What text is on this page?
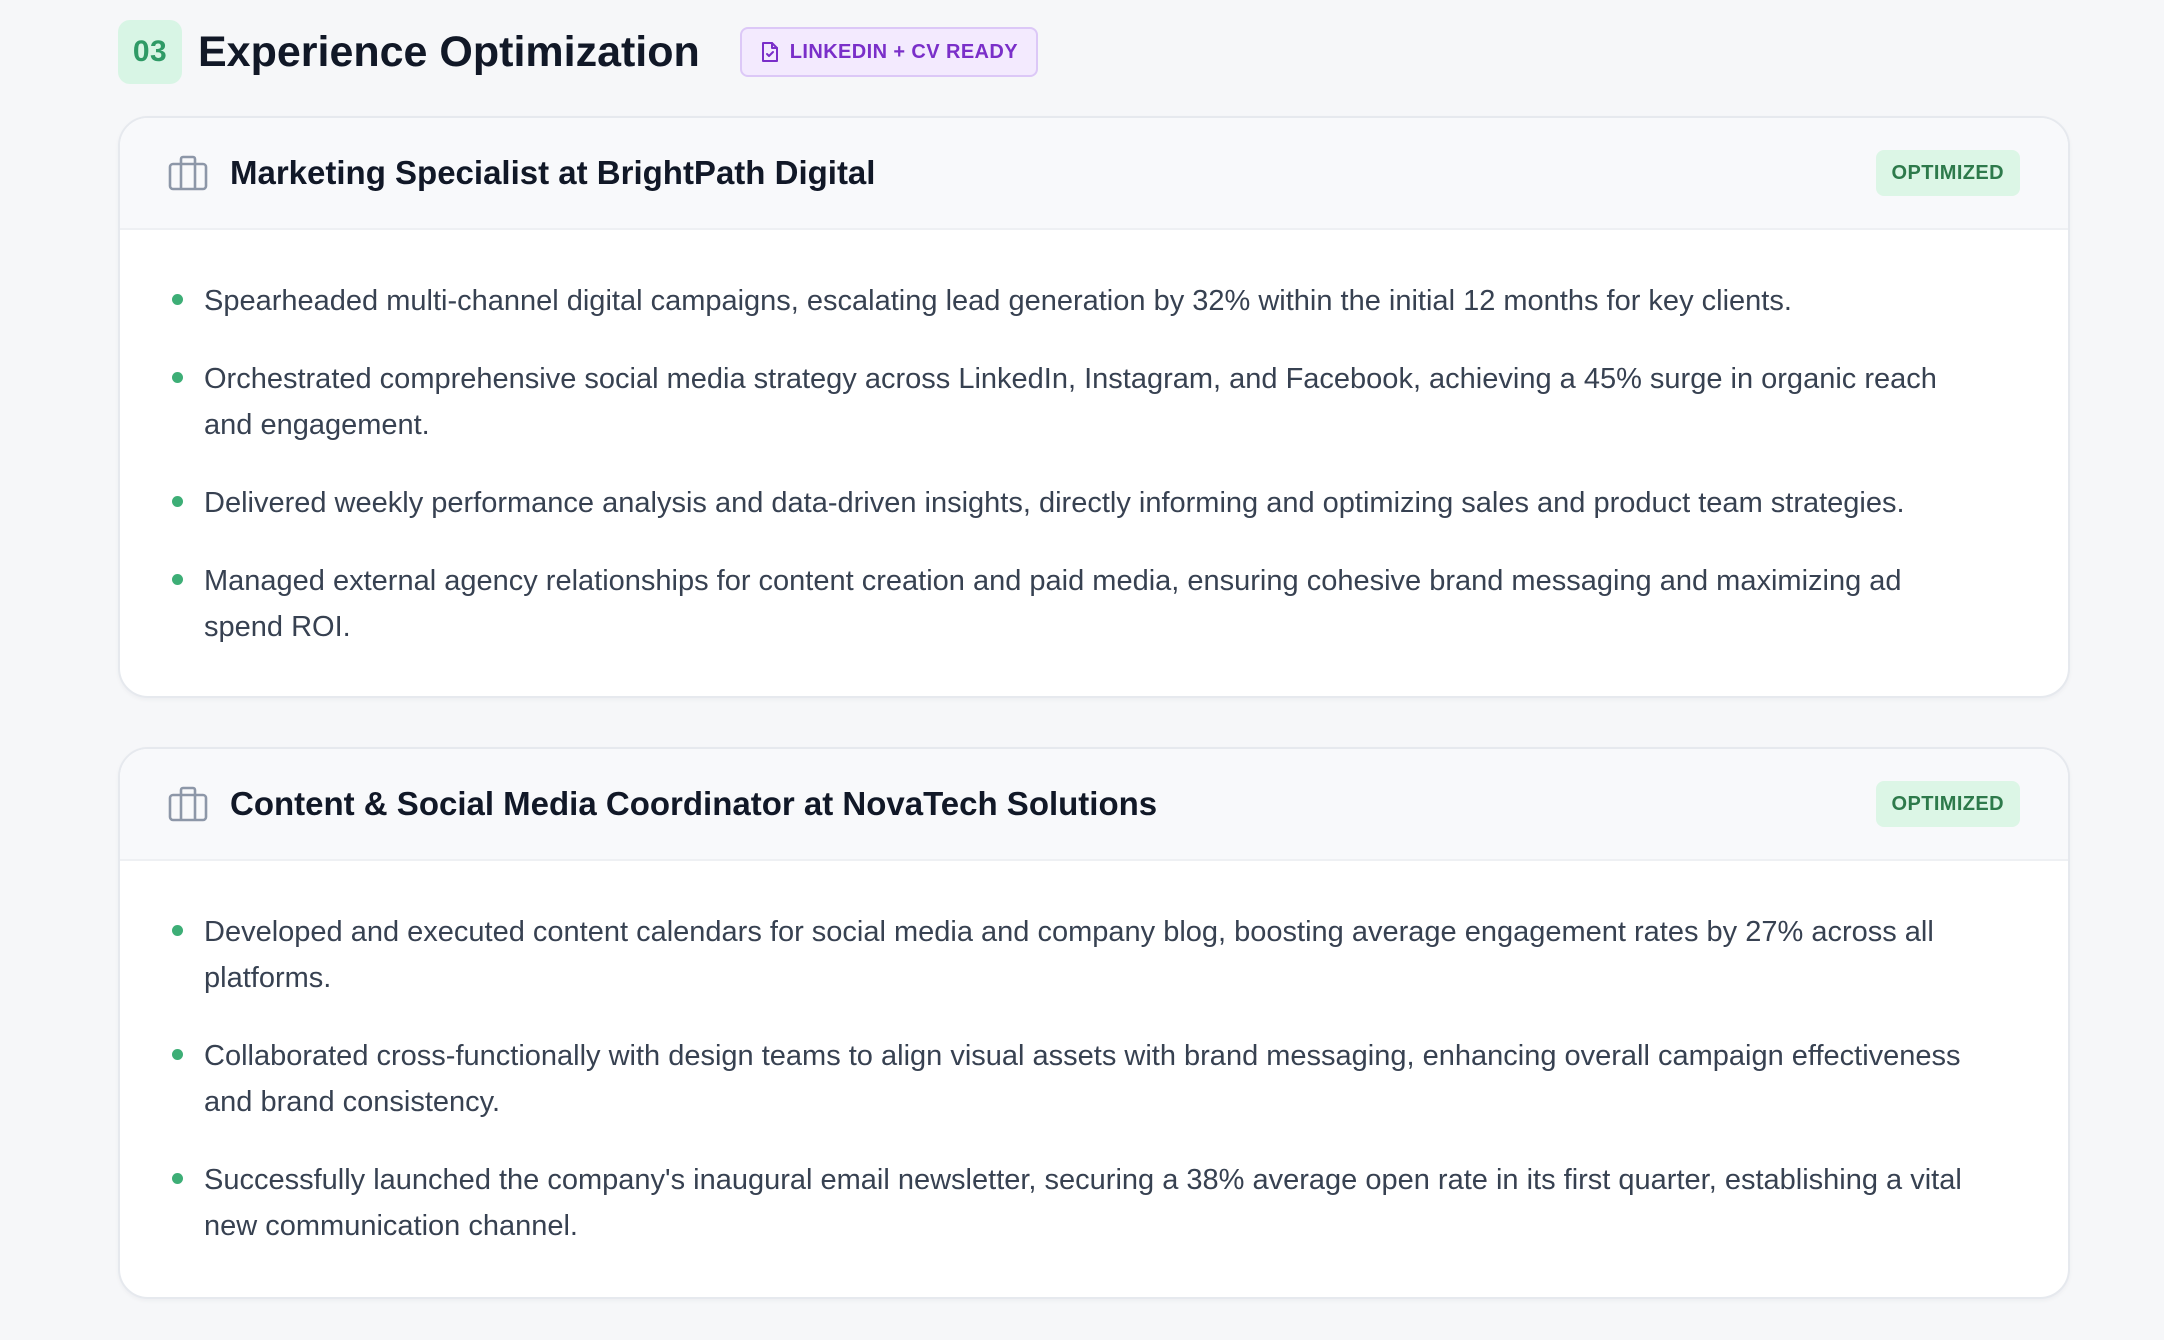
03 Experience Optimization	LINKEDIN + CV READY
Marketing Specialist at BrightPath Digital	OPTIMIZED
Spearheaded multi-channel digital campaigns, escalating lead generation by 32% within the initial 12 months for key clients.
Orchestrated comprehensive social media strategy across LinkedIn, Instagram, and Facebook, achieving a 45% surge in organic reach and engagement.
Delivered weekly performance analysis and data-driven insights, directly informing and optimizing sales and product team strategies.
Managed external agency relationships for content creation and paid media, ensuring cohesive brand messaging and maximizing ad spend ROI.
Content & Social Media Coordinator at NovaTech Solutions	OPTIMIZED
Developed and executed content calendars for social media and company blog, boosting average engagement rates by 27% across all platforms.
Collaborated cross-functionally with design teams to align visual assets with brand messaging, enhancing overall campaign effectiveness and brand consistency.
Successfully launched the company's inaugural email newsletter, securing a 38% average open rate in its first quarter, establishing a vital new communication channel.
